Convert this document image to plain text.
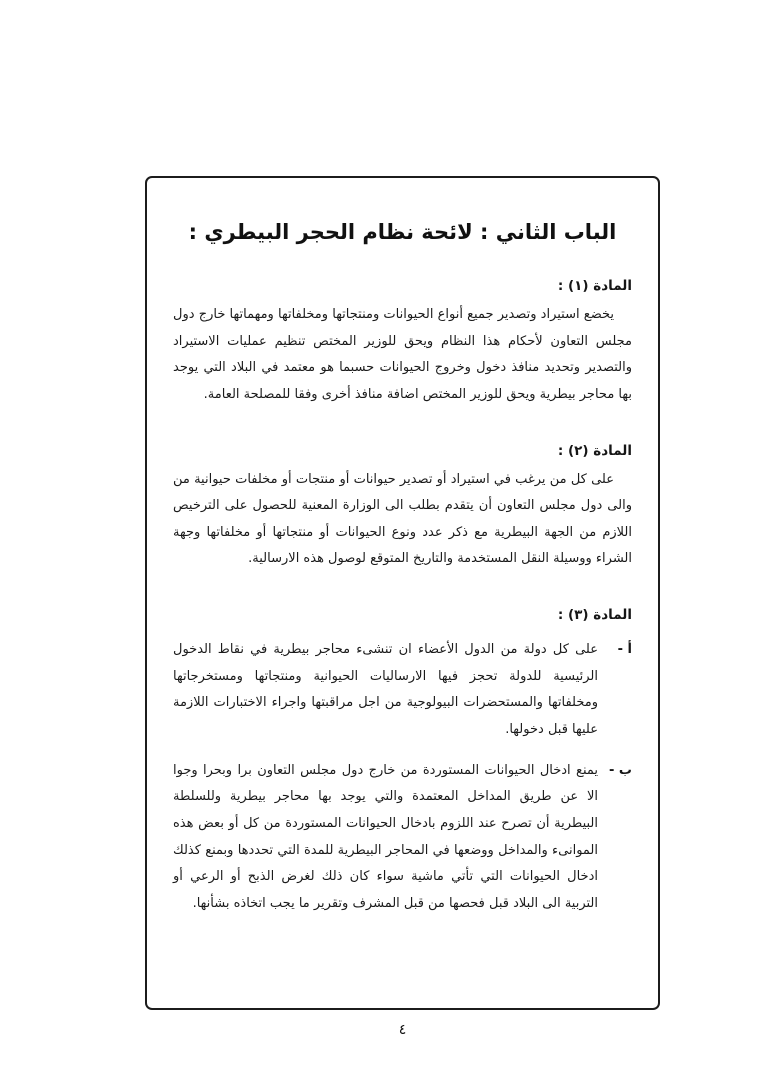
الباب الثاني : لائحة نظام الحجر البيطري :
المادة (١) :

يخضع استيراد وتصدير جميع أنواع الحيوانات ومنتجاتها ومخلفاتها ومهماتها خارج دول مجلس التعاون لأحكام هذا النظام ويحق للوزير المختص تنظيم عمليات الاستيراد والتصدير وتحديد منافذ دخول وخروج الحيوانات حسبما هو معتمد في البلاد التي يوجد بها محاجر بيطرية ويحق للوزير المختص اضافة منافذ أخرى وفقا للمصلحة العامة.

المادة (٢) :

على كل من يرغب في استيراد أو تصدير حيوانات أو منتجات أو مخلفات حيوانية من والى دول مجلس التعاون أن يتقدم بطلب الى الوزارة المعنية للحصول على الترخيص اللازم من الجهة البيطرية مع ذكر عدد ونوع الحيوانات أو منتجاتها أو مخلفاتها وجهة الشراء ووسيلة النقل المستخدمة والتاريخ المتوقع لوصول هذه الارسالية.

المادة (٣) :
أ -

على كل دولة من الدول الأعضاء ان تنشىء محاجر بيطرية في نقاط الدخول الرئيسية للدولة تحجز فيها الارساليات الحيوانية ومنتجاتها ومستخرجاتها ومخلفاتها والمستحضرات البيولوجية من اجل مراقبتها واجراء الاختبارات اللازمة عليها قبل دخولها.

ب -

يمنع ادخال الحيوانات المستوردة من خارج دول مجلس التعاون برا وبحرا وجوا الا عن طريق المداخل المعتمدة والتي يوجد بها محاجر بيطرية وللسلطة البيطرية أن تصرح عند اللزوم بادخال الحيوانات المستوردة من كل أو بعض هذه الموانىء والمداخل ووضعها في المحاجر البيطرية للمدة التي تحددها وبمنع كذلك ادخال الحيوانات التي تأتي ماشية سواء كان ذلك لغرض الذبح أو الرعي أو التربية الى البلاد قبل فحصها من قبل المشرف وتقرير ما يجب اتخاذه بشأنها.

٤
